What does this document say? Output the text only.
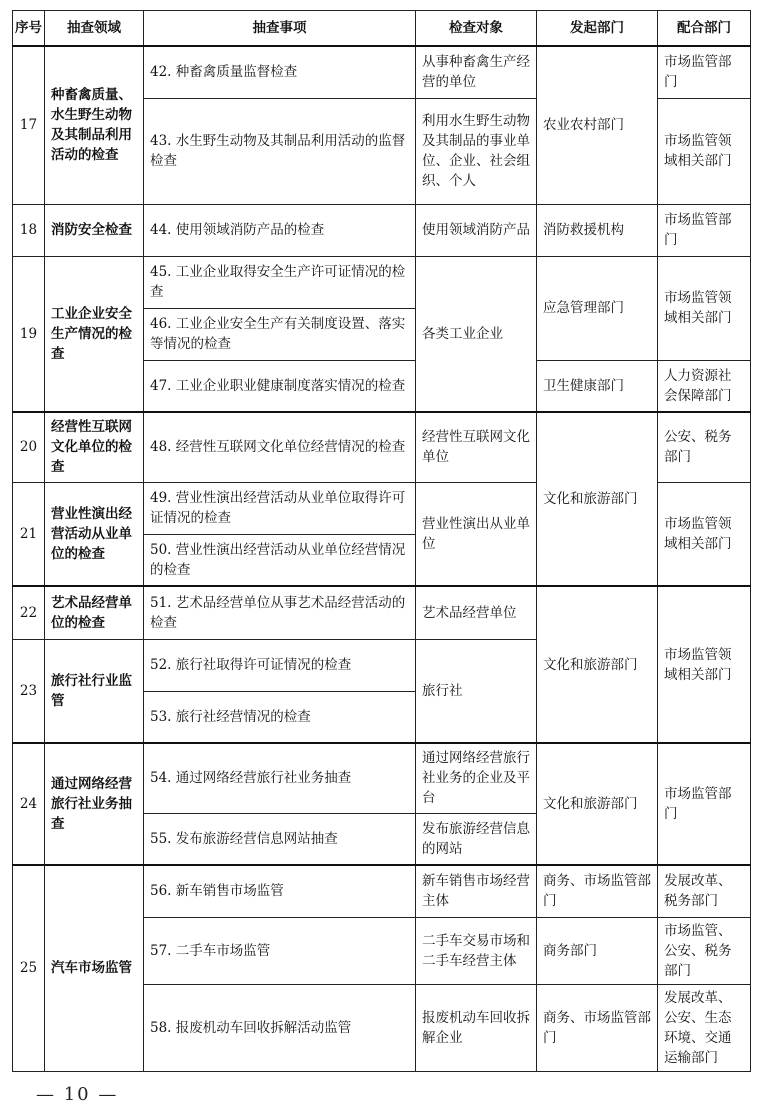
序号	抽查领域	抽查事项	检查对象	发起部门	配合部门
17	种畜禽质量、水生野生动物及其制品利用活动的检查	42. 种畜禽质量监督检查	从事种畜禽生产经营的单位	农业农村部门	市场监管部门
		43. 水生野生动物及其制品利用活动的监督检查	利用水生野生动物及其制品的事业单位、企业、社会组织、个人		市场监管领域相关部门
18	消防安全检查	44. 使用领域消防产品的检查	使用领域消防产品	消防救援机构	市场监管部门
19	工业企业安全生产情况的检查	45. 工业企业取得安全生产许可证情况的检查	各类工业企业	应急管理部门	市场监管领域相关部门
		46. 工业企业安全生产有关制度设置、落实等情况的检查			
		47. 工业企业职业健康制度落实情况的检查		卫生健康部门	人力资源社会保障部门
20	经营性互联网文化单位的检查	48. 经营性互联网文化单位经营情况的检查	经营性互联网文化单位	文化和旅游部门	公安、税务部门
21	营业性演出经营活动从业单位的检查	49. 营业性演出经营活动从业单位取得许可证情况的检查	营业性演出从业单位		市场监管领域相关部门
		50. 营业性演出经营活动从业单位经营情况的检查			
22	艺术品经营单位的检查	51. 艺术品经营单位从事艺术品经营活动的检查	艺术品经营单位	文化和旅游部门	市场监管领域相关部门
23	旅行社行业监管	52. 旅行社取得许可证情况的检查	旅行社		
		53. 旅行社经营情况的检查			
24	通过网络经营旅行社业务抽查	54. 通过网络经营旅行社业务抽查	通过网络经营旅行社业务的企业及平台	文化和旅游部门	市场监管部门
		55. 发布旅游经营信息网站抽查	发布旅游经营信息的网站		
25	汽车市场监管	56. 新车销售市场监管	新车销售市场经营主体	商务、市场监管部门	发展改革、税务部门
		57. 二手车市场监管	二手车交易市场和二手车经营主体	商务部门	市场监管、公安、税务部门
		58. 报废机动车回收拆解活动监管	报废机动车回收拆解企业	商务、市场监管部门	发展改革、公安、生态环境、交通运输部门
— 10 —
